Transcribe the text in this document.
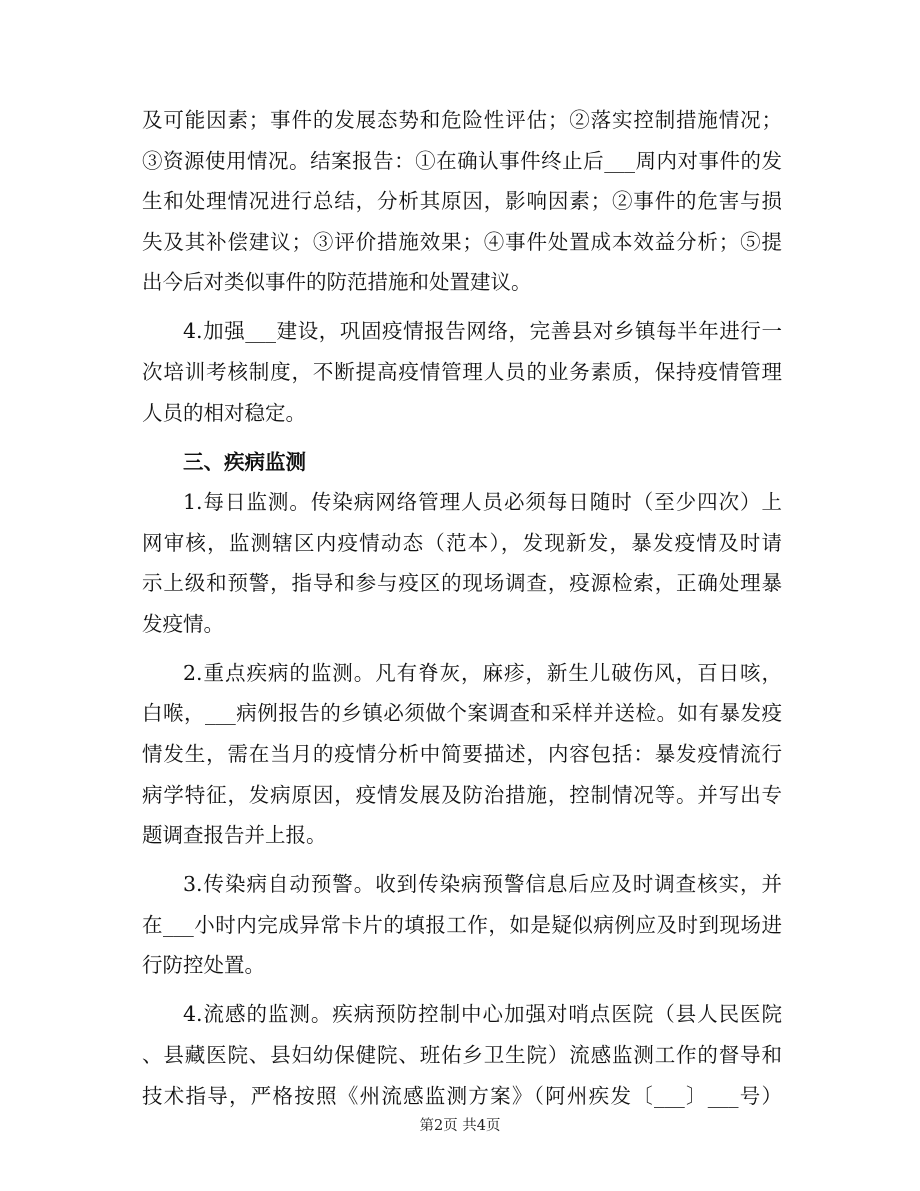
及可能因素；事件的发展态势和危险性评估；②落实控制措施情况；
③资源使用情况。结案报告：①在确认事件终止后___周内对事件的发
生和处理情况进行总结，分析其原因，影响因素；②事件的危害与损
失及其补偿建议；③评价措施效果；④事件处置成本效益分析；⑤提
出今后对类似事件的防范措施和处置建议。
4.加强___建设，巩固疫情报告网络，完善县对乡镇每半年进行一
次培训考核制度，不断提高疫情管理人员的业务素质，保持疫情管理
人员的相对稳定。
三、疾病监测
1.每日监测。传染病网络管理人员必须每日随时（至少四次）上
网审核，监测辖区内疫情动态（范本），发现新发，暴发疫情及时请
示上级和预警，指导和参与疫区的现场调查，疫源检索，正确处理暴
发疫情。
2.重点疾病的监测。凡有脊灰，麻疹，新生儿破伤风，百日咳，
白喉，___病例报告的乡镇必须做个案调查和采样并送检。如有暴发疫
情发生，需在当月的疫情分析中简要描述，内容包括：暴发疫情流行
病学特征，发病原因，疫情发展及防治措施，控制情况等。并写出专
题调查报告并上报。
3.传染病自动预警。收到传染病预警信息后应及时调查核实，并
在___小时内完成异常卡片的填报工作，如是疑似病例应及时到现场进
行防控处置。
4.流感的监测。疾病预防控制中心加强对哨点医院（县人民医院
、县藏医院、县妇幼保健院、班佑乡卫生院）流感监测工作的督导和
技术指导，严格按照《州流感监测方案》（阿州疾发〔___〕___号）
第2页 共4页
